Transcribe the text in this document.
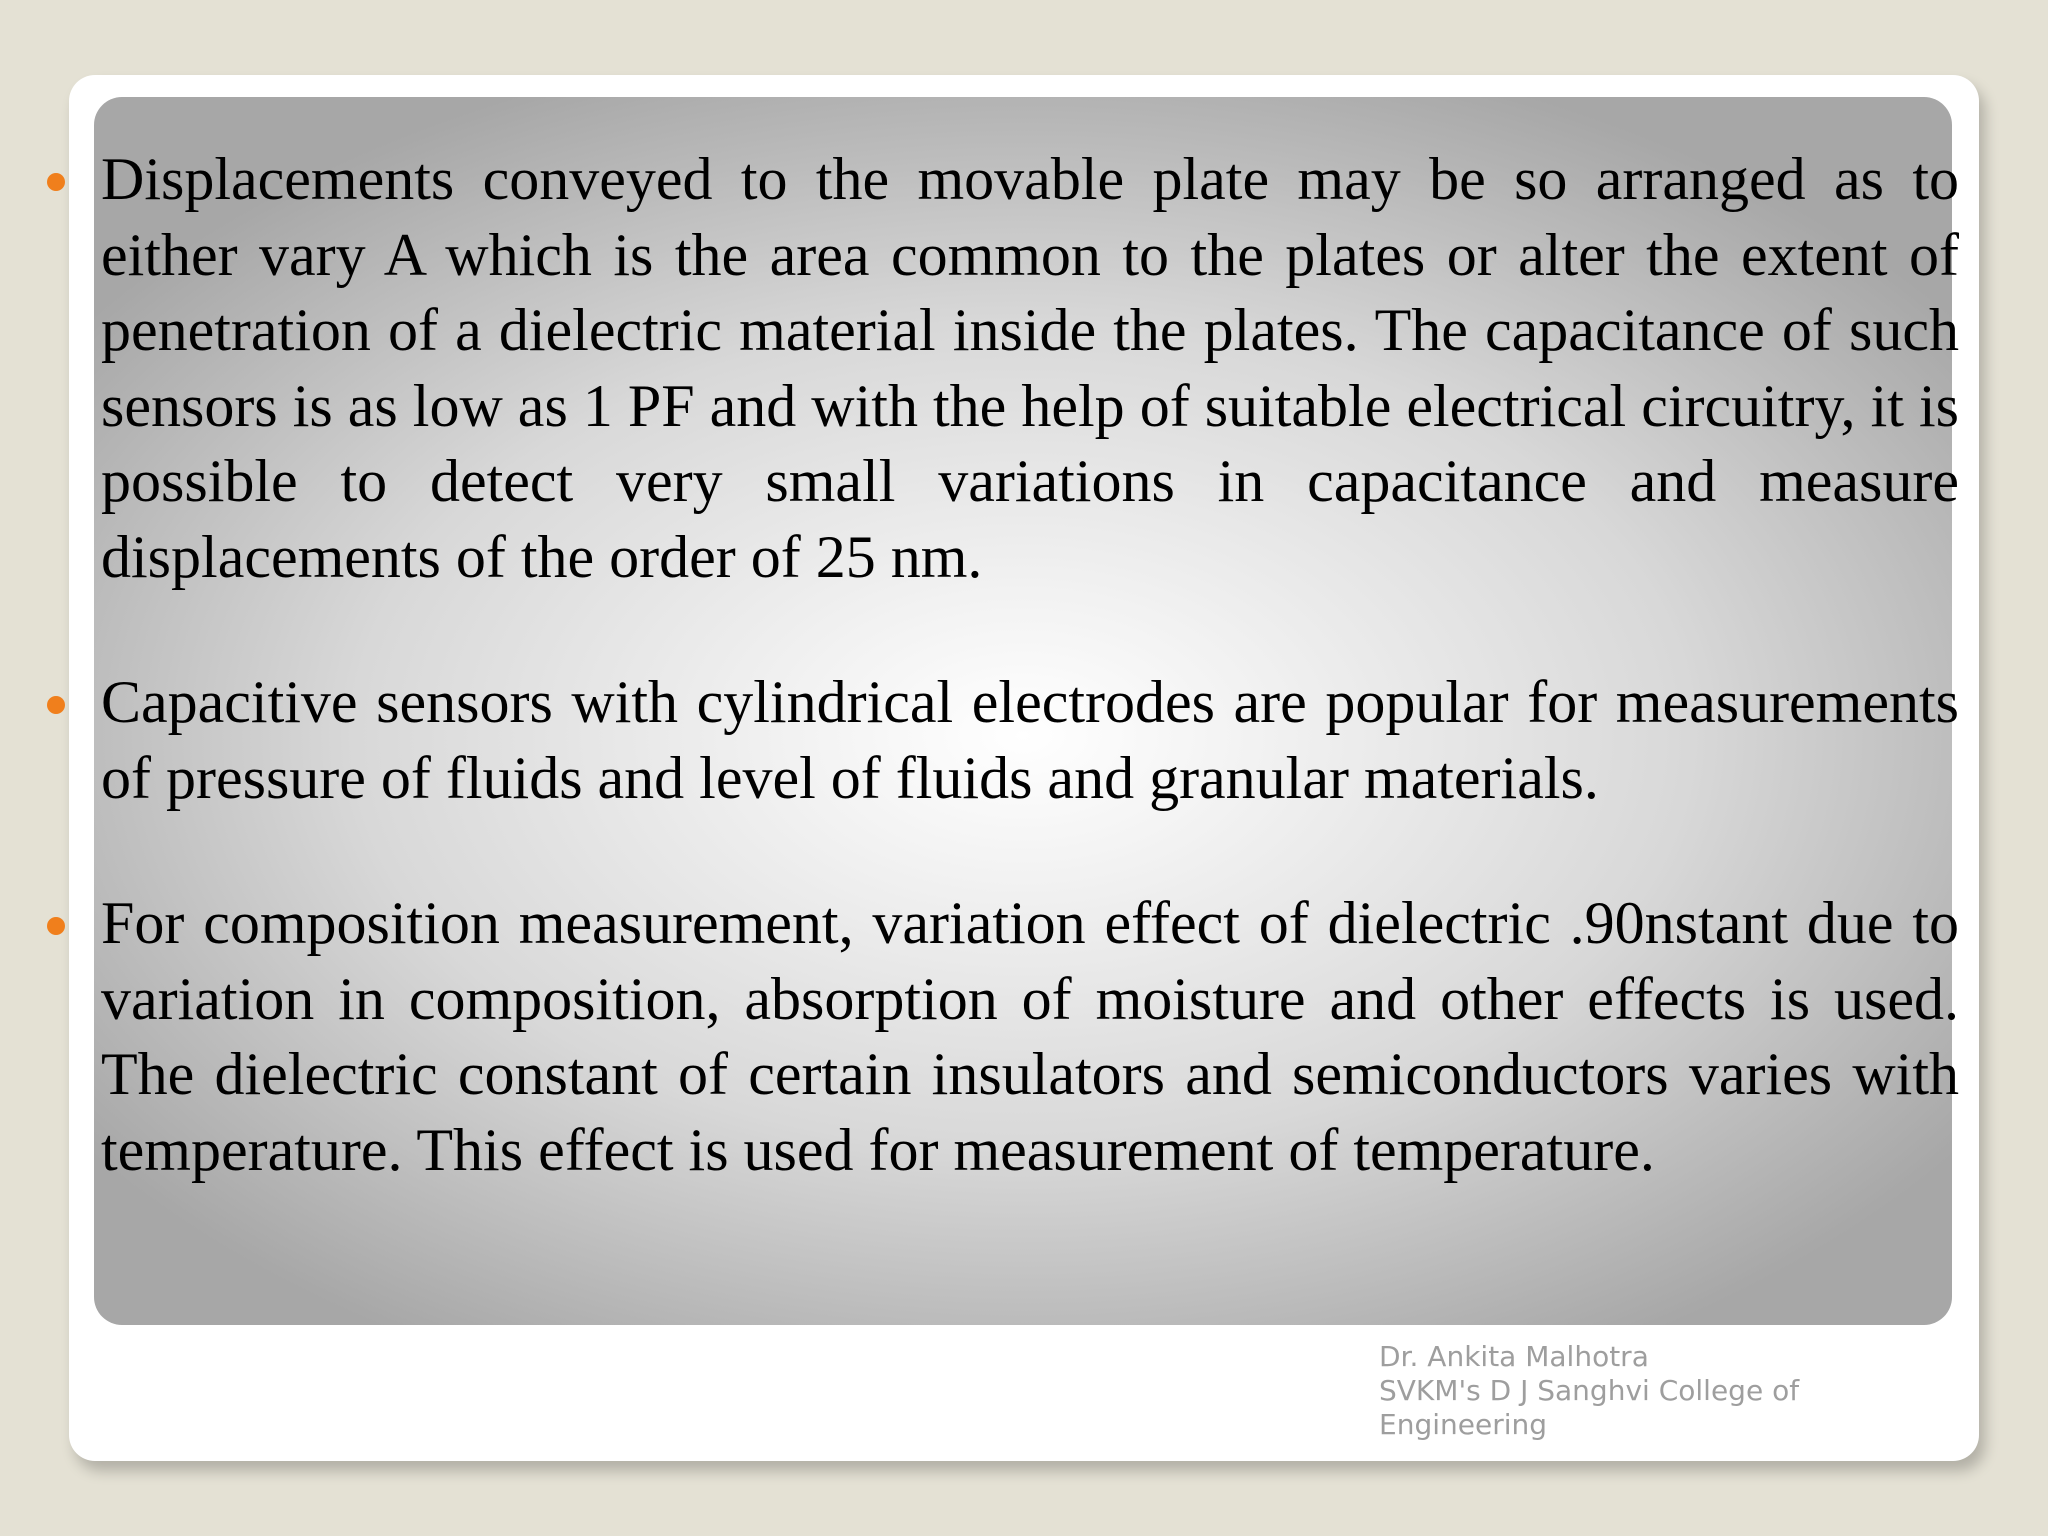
Displacements conveyed to the movable plate may be so arranged as to either vary A which is the area common to the plates or alter the extent of penetration of a dielectric material inside the plates. The capacitance of such sensors is as low as 1 PF and with the help of suitable electrical circuitry, it is possible to detect very small variations in capacitance and measure displacements of the order of 25 nm.
Capacitive sensors with cylindrical electrodes are popular for measurements of pressure of fluids and level of fluids and granular materials.
For composition measurement, variation effect of dielectric .90nstant due to variation in composition, absorption of moisture and other effects is used. The dielectric constant of certain insulators and semiconductors varies with temperature. This effect is used for measurement of temperature.
Dr. Ankita Malhotra
SVKM's D J Sanghvi College of
Engineering
